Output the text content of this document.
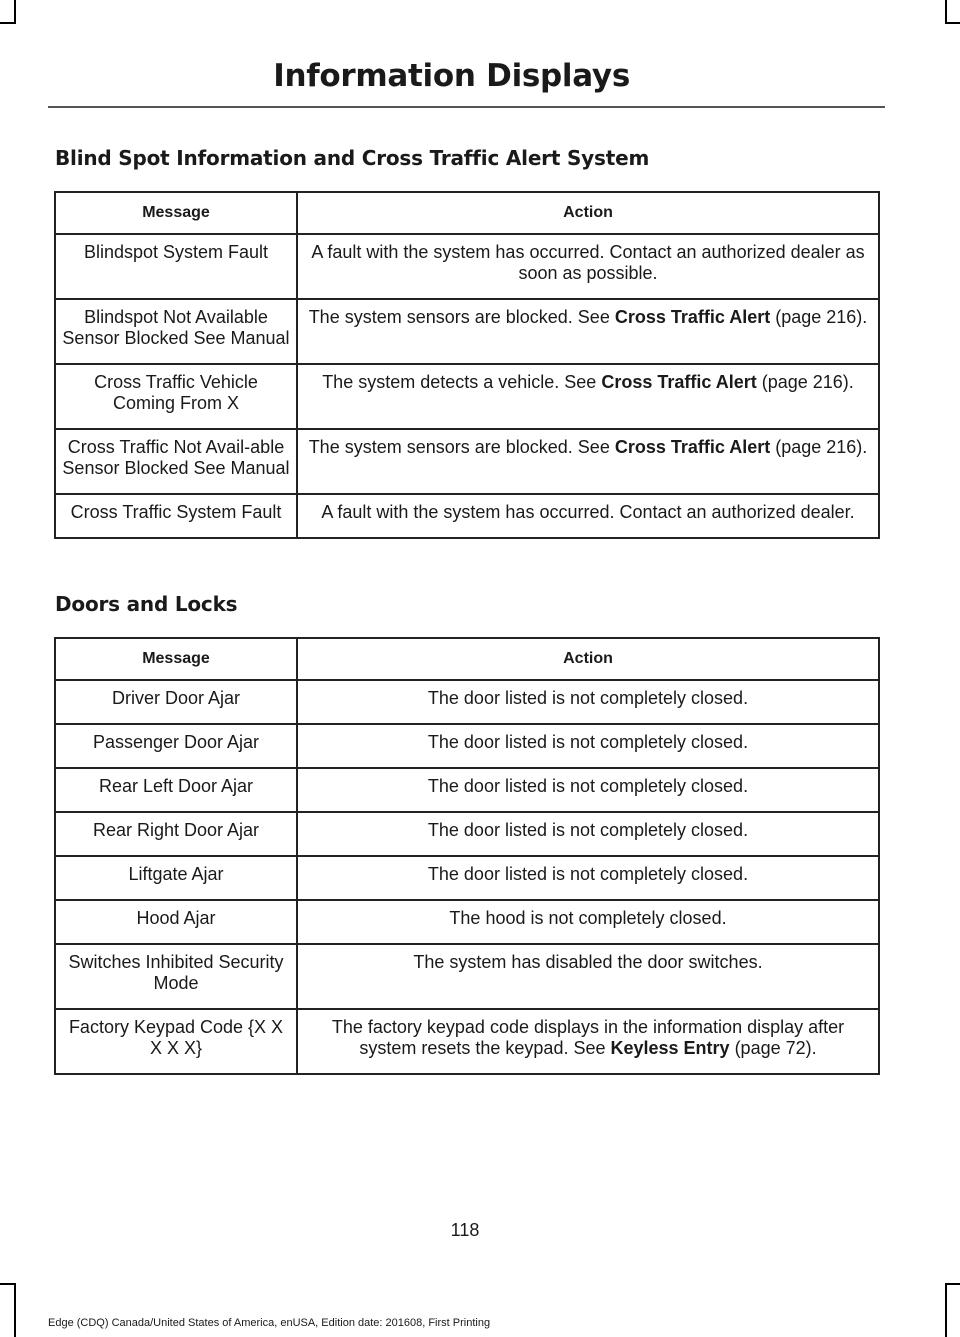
Information Displays
Blind Spot Information and Cross Traffic Alert System
Message	Action
Blindspot System Fault	A fault with the system has occurred. Contact an authorized dealer as soon as possible.
Blindspot Not Available Sensor Blocked See Manual	The system sensors are blocked. See Cross Traffic Alert (page 216).
Cross Traffic Vehicle Coming From X	The system detects a vehicle. See Cross Traffic Alert (page 216).
Cross Traffic Not Avail-able Sensor Blocked See Manual	The system sensors are blocked. See Cross Traffic Alert (page 216).
Cross Traffic System Fault	A fault with the system has occurred. Contact an authorized dealer.
Doors and Locks
Message	Action
Driver Door Ajar	The door listed is not completely closed.
Passenger Door Ajar	The door listed is not completely closed.
Rear Left Door Ajar	The door listed is not completely closed.
Rear Right Door Ajar	The door listed is not completely closed.
Liftgate Ajar	The door listed is not completely closed.
Hood Ajar	The hood is not completely closed.
Switches Inhibited Security Mode	The system has disabled the door switches.
Factory Keypad Code {X X X X X}	The factory keypad code displays in the information display after system resets the keypad. See Keyless Entry (page 72).
118
Edge (CDQ) Canada/United States of America, enUSA, Edition date: 201608, First Printing
